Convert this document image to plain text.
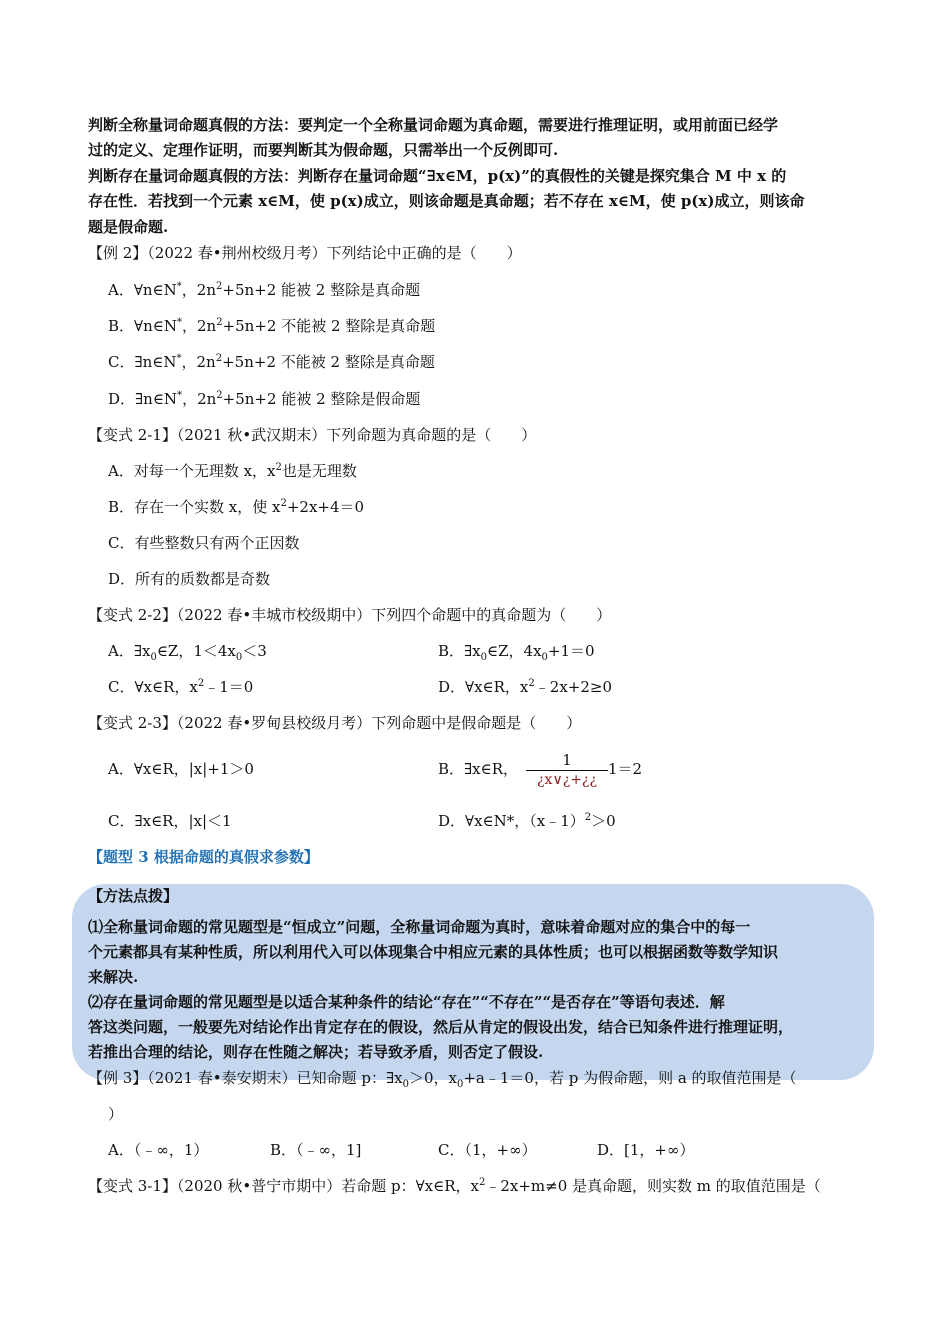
判断全称量词命题真假的方法：要判定一个全称量词命题为真命题，需要进行推理证明，或用前面已经学
过的定义、定理作证明，而要判断其为假命题，只需举出一个反例即可.
判断存在量词命题真假的方法：判断存在量词命题“∃x∈M，p(x)”的真假性的关键是探究集合 M 中 x 的
存在性．若找到一个元素 x∈M，使 p(x)成立，则该命题是真命题；若不存在 x∈M，使 p(x)成立，则该命
题是假命题.
【例 2】（2022 春•荆州校级月考）下列结论中正确的是（　　）
A．∀n∈N*，$2n^2+5n+2$ 能被 2 整除是真命题
B．∀n∈N*，$2n^2+5n+2$ 不能被 2 整除是真命题
C．∃n∈N*，$2n^2+5n+2$ 不能被 2 整除是真命题
D．∃n∈N*，$2n^2+5n+2$ 能被 2 整除是假命题
【变式 2-1】（2021 秋•武汉期末）下列命题为真命题的是（　　）
A．对每一个无理数 x，$x^2$也是无理数
B．存在一个实数 x，使 $x^2+2x+4=0$
C．有些整数只有两个正因数
D．所有的质数都是奇数
【变式 2-2】（2022 春•丰城市校级期中）下列四个命题中的真命题为（　　）
A．$\exists x_0\in Z$，$1<4x_0<3$	B．$\exists x_0\in Z$，$4x_0+1=0$
C．∀x∈R，$x^2﹣1=0$	D．∀x∈R，$x^2﹣2x+2\ge 0$
【变式 2-3】（2022 春•罗甸县校级月考）下列命题中是假命题是（　　）
A．∀x∈R，|x|+1＞0	B．∃x∈R，	1
¿x∨¿+¿¿
1＝2
C．∃x∈R，|x|＜1	D．∀x∈N*，（x﹣1）$^2$＞0
【题型 3 根据命题的真假求参数】
【方法点拨】
⑴全称量词命题的常见题型是“恒成立”问题，全称量词命题为真时，意味着命题对应的集合中的每一
个元素都具有某种性质，所以利用代入可以体现集合中相应元素的具体性质；也可以根据函数等数学知识
来解决.
⑵存在量词命题的常见题型是以适合某种条件的结论“存在”“不存在”“是否存在”等语句表述．解
答这类问题，一般要先对结论作出肯定存在的假设，然后从肯定的假设出发，结合已知条件进行推理证明，
若推出合理的结论，则存在性随之解决；若导致矛盾，则否定了假设.
【例 3】（2021 春•泰安期末）已知命题 p：$\exists x_0>0$，$x_0+a﹣1=0$，若 p 为假命题，则 a 的取值范围是（
）
A．（﹣∞，1）	B．（﹣∞，1]	C．（1，+∞）	D．[1，+∞）
【变式 3-1】（2020 秋•普宁市期中）若命题 p：∀x∈R，$x^2﹣2x+m\ne 0$ 是真命题，则实数 m 的取值范围是（
